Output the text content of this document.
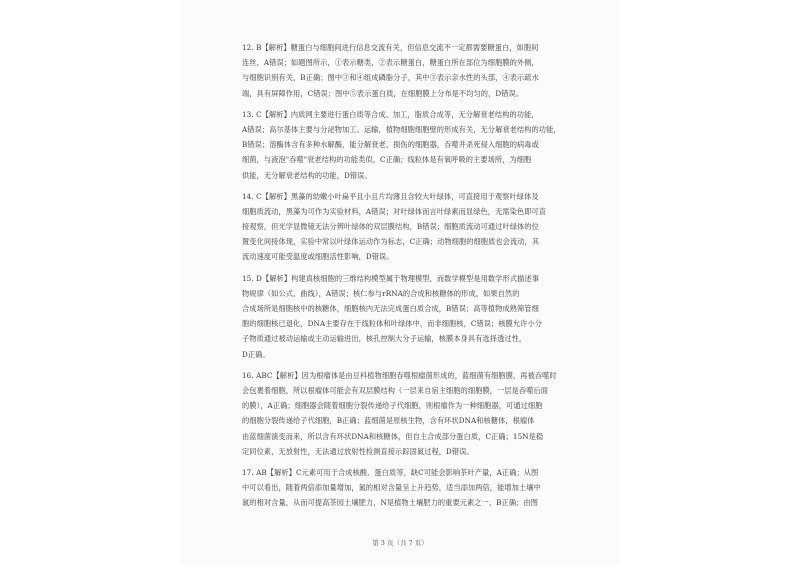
12. B【解析】糖蛋白与细胞间进行信息交流有关，但信息交流不一定都需要糖蛋白，如胞间
连丝，A错误；如题图所示，①表示糖类，②表示糖蛋白，糖蛋白所在部位为细胞膜的外侧，
与细胞识别有关，B正确；图中③和④组成磷脂分子，其中③表示亲水性的头部，④表示疏水
端，具有屏障作用，C错误；图中⑤表示蛋白质，在细胞膜上分布是不均匀的，D错误。
13. C【解析】内质网主要进行蛋白质等合成、加工，脂质合成等，无分解衰老结构的功能，
A错误；高尔基体主要与分泌物加工、运输，植物细胞细胞壁的形成有关，无分解衰老结构的功能，
B错误；溶酶体含有多种水解酶，能分解衰老、损伤的细胞器，吞噬并杀死侵入细胞的病毒或
细菌，与液泡"吞噬"衰老结构的功能类似，C正确；线粒体是有氧呼吸的主要场所，为细胞
供能，无分解衰老结构的功能，D错误。
14. C【解析】黑藻的幼嫩小叶扁平且小且片均薄且含较大叶绿体，可直接用于观察叶绿体及
细胞质流动，黑藻为可作为实验材料，A错误；对叶绿体而言叶绿素而显绿色，无需染色即可直
接观察，但光学显微镜无法分辨叶绿体的双层膜结构，B错误；细胞质流动可通过叶绿体的位
置变化间接体现，实验中常以叶绿体运动作为标志，C正确；动物细胞的细胞质也会流动，其
流动速度可能受温度或细胞活性影响，D错误。
15. D【解析】构建真核细胞的三维结构模型属于物理模型，而数学模型是用数学形式描述事
物规律（如公式、曲线），A错误；核仁参与rRNA的合成和核糖体的形成，如果自然的
合成场所是细胞核中的核糖体，细胞核内无法完成蛋白质合成，B错误；高等植物成熟筛管细
胞的细胞核已退化，DNA主要存在于线粒体和叶绿体中，而非细胞核，C错误；核膜允许小分
子物质通过被动运输或主动运输进出，核孔控制大分子运输，核膜本身具有选择透过性，
D正确。
16. ABC【解析】因为根瘤体是由豆科植物细胞吞噬根瘤菌形成的，蓝细菌有细胞膜，再被吞噬时
会包裹着细胞，所以根瘤体可能会有双层膜结构（一层来自宿主细胞的细胞膜，一层是吞噬后面
的膜），A正确；细胞器会随着细胞分裂传递给子代细胞，则根瘤作为一种细胞器，可通过细胞
的细胞分裂传递给子代细胞，B正确；蓝细菌是原核生物，含有环状DNA和核糖体，根瘤体
由蓝细菌演变而来，所以含有环状DNA和核糖体，但自主合成部分蛋白质，C正确；15N是稳
定同位素，无放射性，无法通过放射性检测直接示踪固氮过程，D错误。
17. AB【解析】C元素可用于合成核酸、蛋白质等，缺C可能会影响茶叶产量，A正确；从图
中可以看出，随着两倍添加量增加，氮的相对含量呈上升趋势，适当添加两倍，能增加土壤中
氮的相对含量，从而可提高茶园土壤肥力，N是植物土壤肥力的重要元素之一，B正确；由图
第 3 页（共 7 页）
